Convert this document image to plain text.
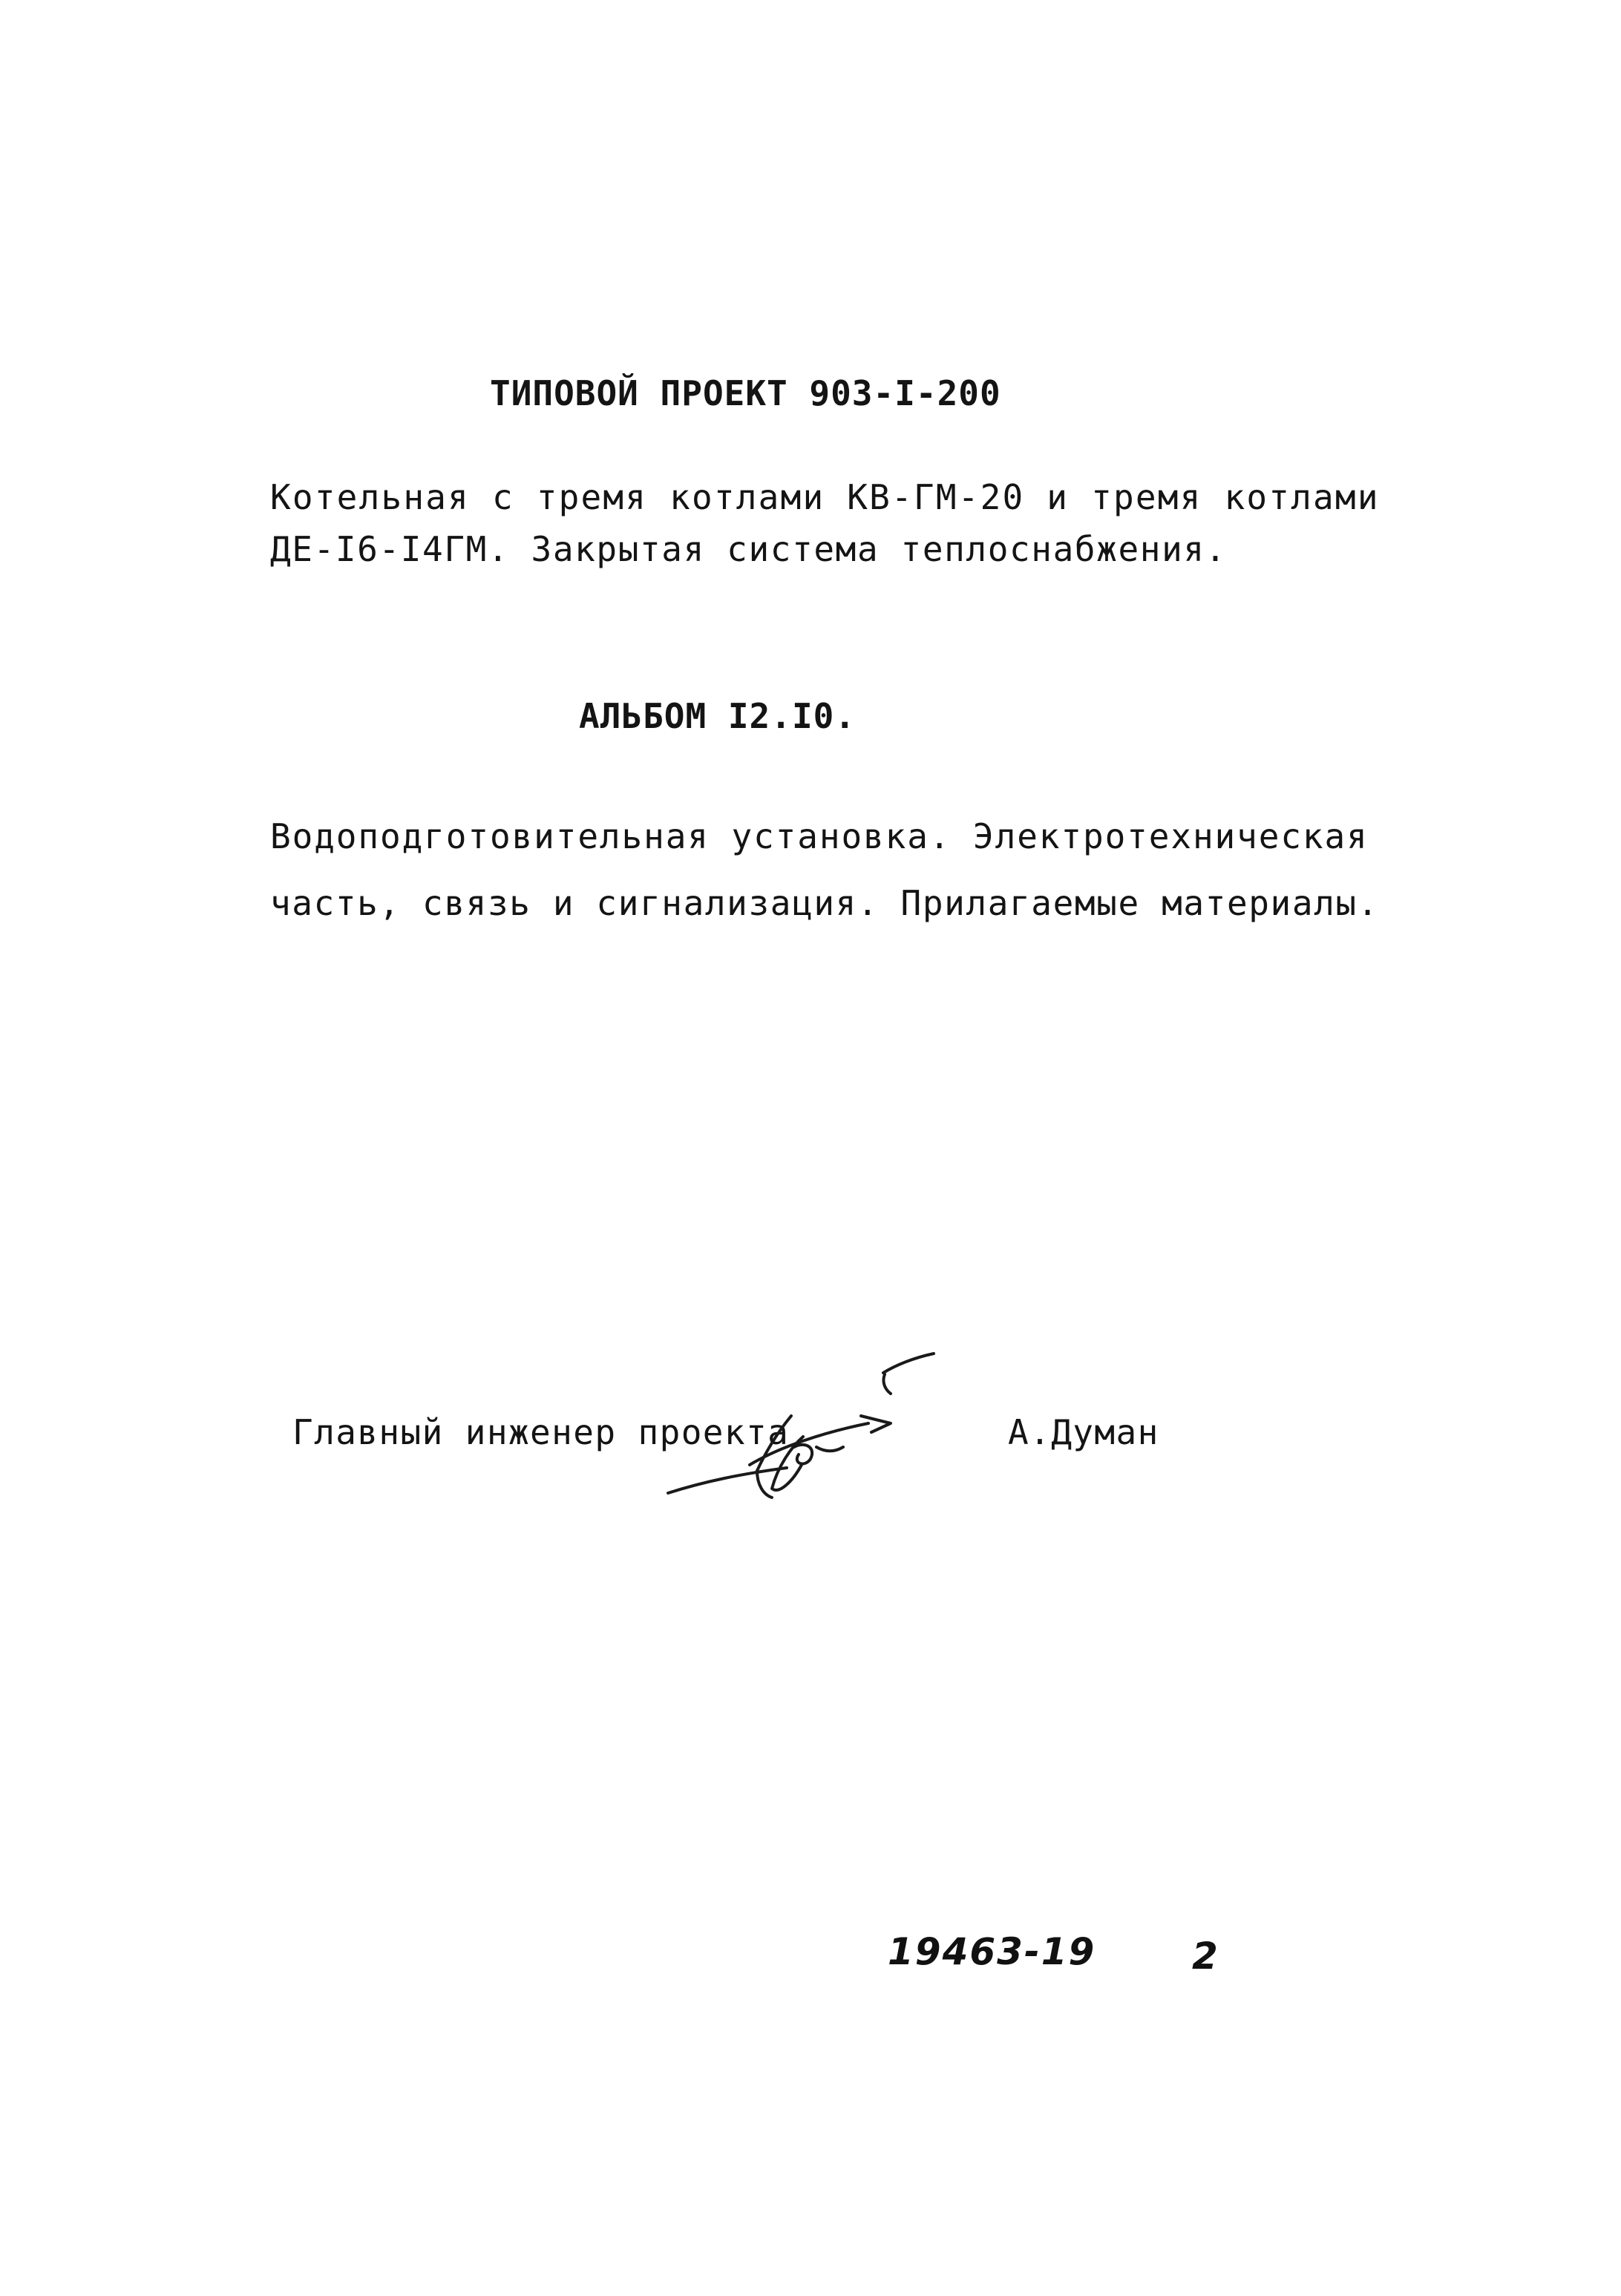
ТИПОВОЙ ПРОЕКТ 903-I-200
Котельная с тремя котлами КВ-ГМ-20 и тремя котлами
ДЕ-I6-I4ГМ. Закрытая система теплоснабжения.
АЛЬБОМ I2.I0.
Водоподготовительная установка. Электротехническая
часть, связь и сигнализация. Прилагаемые материалы.
Главный инженер проекта	А.Думан
19463-19	2
